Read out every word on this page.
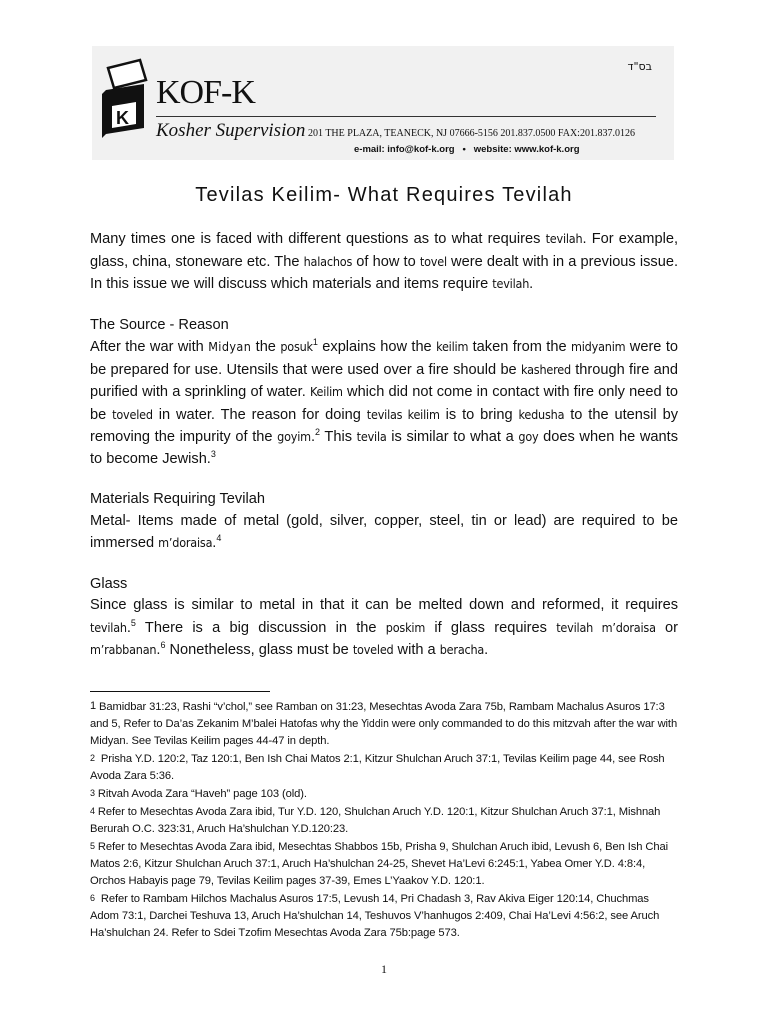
K
KOF-K
Kosher Supervision 201 THE PLAZA, TEANECK, NJ 07666-5156 201.837.0500 FAX:201.837.0126
e-mail: info@kof-k.org • website: www.kof-k.org
בס"ד
Tevilas Keilim- What Requires Tevilah

Many times one is faced with different questions as to what requires tevilah. For example, glass, china, stoneware etc. The halachos of how to tovel were dealt with in a previous issue. In this issue we will discuss which materials and items require tevilah.

The Source - Reason

After the war with Midyan the posuk$^1$ explains how the keilim taken from the midyanim were to be prepared for use. Utensils that were used over a fire should be kashered through fire and purified with a sprinkling of water. Keilim which did not come in contact with fire only need to be toveled in water. The reason for doing tevilas keilim is to bring kedusha to the utensil by removing the impurity of the goyim.$^2$ This tevila is similar to what a goy does when he wants to become Jewish.$^3$

Materials Requiring Tevilah

Metal- Items made of metal (gold, silver, copper, steel, tin or lead) are required to be immersed m’doraisa.$^4$

Glass

Since glass is similar to metal in that it can be melted down and reformed, it requires tevilah.$^5$ There is a big discussion in the poskim if glass requires tevilah m’doraisa or m’rabbanan.$^6$ Nonetheless, glass must be toveled with a beracha.

1 Bamidbar 31:23, Rashi “v’chol,” see Ramban on 31:23, Mesechtas Avoda Zara 75b, Rambam Machalus Asuros 17:3 and 5, Refer to Da’as Zekanim M’balei Hatofas why the Yiddin were only commanded to do this mitzvah after the war with Midyan. See Tevilas Keilim pages 44-47 in depth.

$^2$ Prisha Y.D. 120:2, Taz 120:1, Ben Ish Chai Matos 2:1, Kitzur Shulchan Aruch 37:1, Tevilas Keilim page 44, see Rosh Avoda Zara 5:36.

$^3$ Ritvah Avoda Zara “Haveh” page 103 (old).

$^4$ Refer to Mesechtas Avoda Zara ibid, Tur Y.D. 120, Shulchan Aruch Y.D. 120:1, Kitzur Shulchan Aruch 37:1, Mishnah Berurah O.C. 323:31, Aruch Ha’shulchan Y.D.120:23.

$^5$ Refer to Mesechtas Avoda Zara ibid, Mesechtas Shabbos 15b, Prisha 9, Shulchan Aruch ibid, Levush 6, Ben Ish Chai Matos 2:6, Kitzur Shulchan Aruch 37:1, Aruch Ha’shulchan 24-25, Shevet Ha’Levi 6:245:1, Yabea Omer Y.D. 4:8:4, Orchos Habayis page 79, Tevilas Keilim pages 37-39, Emes L’Yaakov Y.D. 120:1.

$^6$ Refer to Rambam Hilchos Machalus Asuros 17:5, Levush 14, Pri Chadash 3, Rav Akiva Eiger 120:14, Chuchmas Adom 73:1, Darchei Teshuva 13, Aruch Ha’shulchan 14, Teshuvos V’hanhugos 2:409, Chai Ha’Levi 4:56:2, see Aruch Ha’shulchan 24. Refer to Sdei Tzofim Mesechtas Avoda Zara 75b:page 573.

1
